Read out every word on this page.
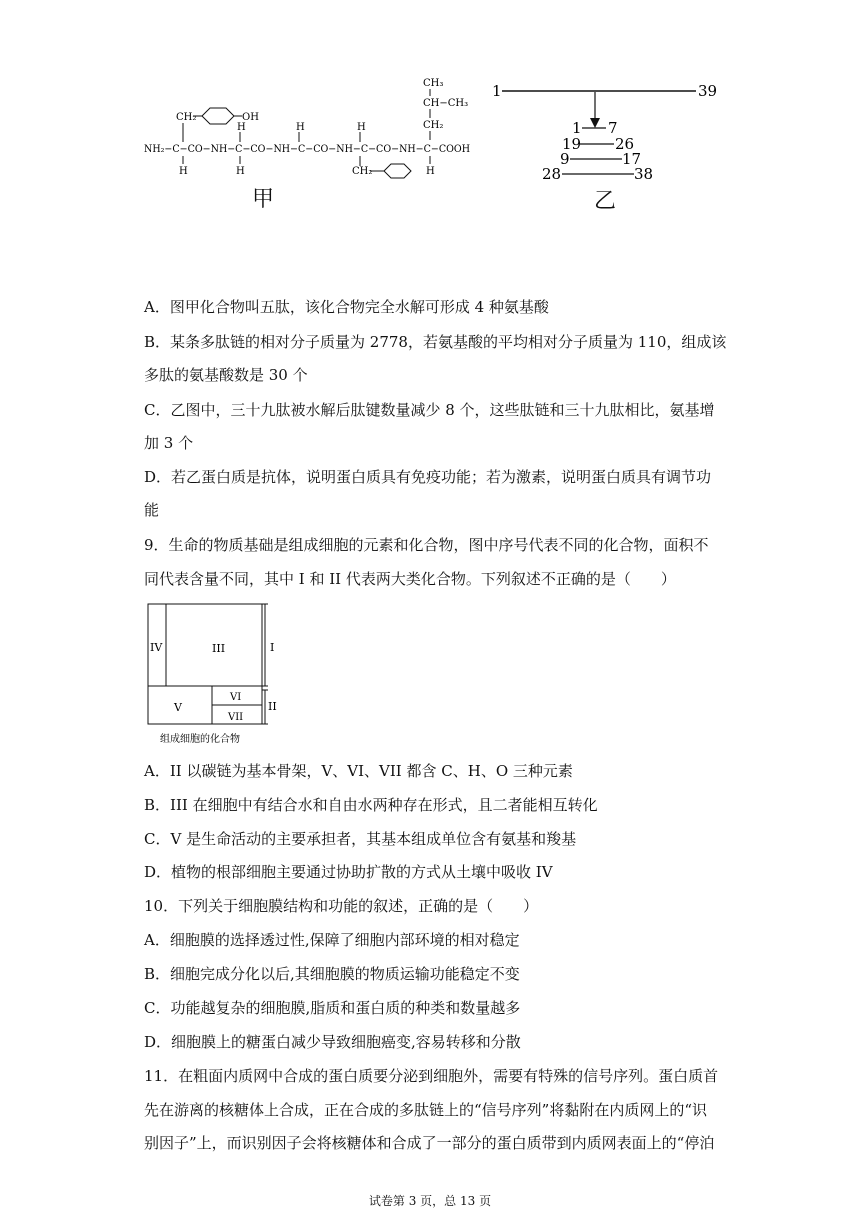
CH₃
CH−CH₃
CH₂
CH₂	OH
H	H	H
NH₂−C−CO−NH−C−CO−NH−C−CO−NH−C−CO−NH−C−COOH
H	H	H
CH₂
甲
1	39
1 7
19 26
9	17
28	38
乙
A．图甲化合物叫五肽，该化合物完全水解可形成 4 种氨基酸
B．某条多肽链的相对分子质量为 2778，若氨基酸的平均相对分子质量为 110，组成该
多肽的氨基酸数是 30 个
C．乙图中，三十九肽被水解后肽键数量减少 8 个，这些肽链和三十九肽相比，氨基增
加 3 个
D．若乙蛋白质是抗体，说明蛋白质具有免疫功能；若为激素，说明蛋白质具有调节功
能
9．生命的物质基础是组成细胞的元素和化合物，图中序号代表不同的化合物，面积不
同代表含量不同，其中 I 和 II 代表两大类化合物。下列叙述不正确的是（　　）
IV	III
V
VI
VII
I
II
组成细胞的化合物
A．II 以碳链为基本骨架，V、VI、VII 都含 C、H、O 三种元素
B．III 在细胞中有结合水和自由水两种存在形式，且二者能相互转化
C．V 是生命活动的主要承担者，其基本组成单位含有氨基和羧基
D．植物的根部细胞主要通过协助扩散的方式从土壤中吸收 IV
10．下列关于细胞膜结构和功能的叙述，正确的是（　　）
A．细胞膜的选择透过性,保障了细胞内部环境的相对稳定
B．细胞完成分化以后,其细胞膜的物质运输功能稳定不变
C．功能越复杂的细胞膜,脂质和蛋白质的种类和数量越多
D．细胞膜上的糖蛋白减少导致细胞癌变,容易转移和分散
11．在粗面内质网中合成的蛋白质要分泌到细胞外，需要有特殊的信号序列。蛋白质首
先在游离的核糖体上合成，正在合成的多肽链上的“信号序列”将黏附在内质网上的“识
别因子”上，而识别因子会将核糖体和合成了一部分的蛋白质带到内质网表面上的“停泊
试卷第 3 页，总 13 页
